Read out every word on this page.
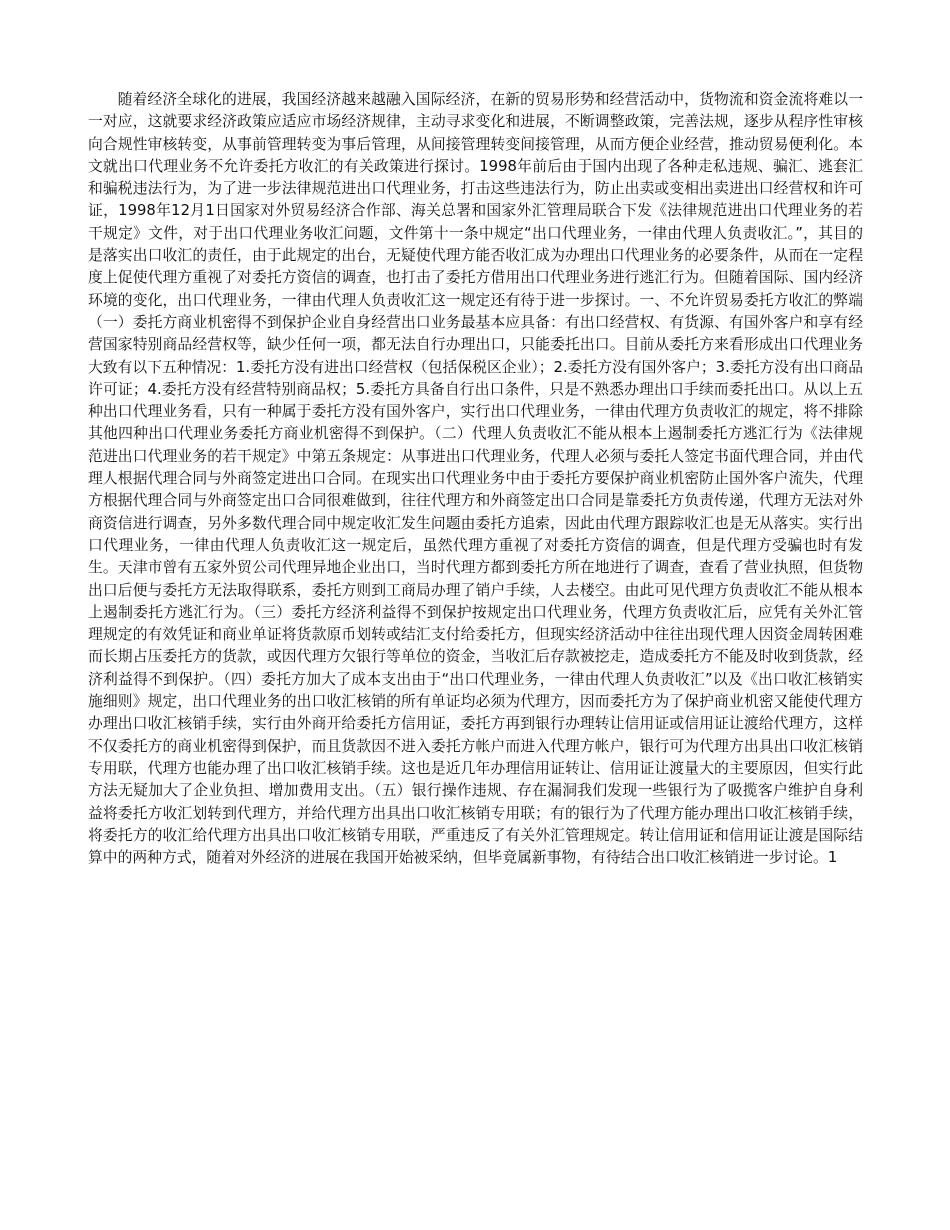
随着经济全球化的进展，我国经济越来越融入国际经济，在新的贸易形势和经营活动中，货物流和资金流将难以一一对应，这就要求经济政策应适应市场经济规律，主动寻求变化和进展，不断调整政策，完善法规，逐步从程序性审核向合规性审核转变，从事前管理转变为事后管理，从间接管理转变间接管理，从而方便企业经营，推动贸易便利化。本文就出口代理业务不允许委托方收汇的有关政策进行探讨。1998年前后由于国内出现了各种走私违规、骗汇、逃套汇和骗税违法行为，为了进一步法律规范进出口代理业务，打击这些违法行为，防止出卖或变相出卖进出口经营权和许可证，1998年12月1日国家对外贸易经济合作部、海关总署和国家外汇管理局联合下发《法律规范进出口代理业务的若干规定》文件，对于出口代理业务收汇问题，文件第十一条中规定“出口代理业务，一律由代理人负责收汇。”，其目的是落实出口收汇的责任，由于此规定的出台，无疑使代理方能否收汇成为办理出口代理业务的必要条件，从而在一定程度上促使代理方重视了对委托方资信的调查，也打击了委托方借用出口代理业务进行逃汇行为。但随着国际、国内经济环境的变化，出口代理业务，一律由代理人负责收汇这一规定还有待于进一步探讨。一、不允许贸易委托方收汇的弊端（一）委托方商业机密得不到保护企业自身经营出口业务最基本应具备：有出口经营权、有货源、有国外客户和享有经营国家特别商品经营权等，缺少任何一项，都无法自行办理出口，只能委托出口。目前从委托方来看形成出口代理业务大致有以下五种情况：1.委托方没有进出口经营权（包括保税区企业）；2.委托方没有国外客户；3.委托方没有出口商品许可证；4.委托方没有经营特别商品权；5.委托方具备自行出口条件，只是不熟悉办理出口手续而委托出口。从以上五种出口代理业务看，只有一种属于委托方没有国外客户，实行出口代理业务，一律由代理方负责收汇的规定，将不排除其他四种出口代理业务委托方商业机密得不到保护。（二）代理人负责收汇不能从根本上遏制委托方逃汇行为《法律规范进出口代理业务的若干规定》中第五条规定：从事进出口代理业务，代理人必须与委托人签定书面代理合同，并由代理人根据代理合同与外商签定进出口合同。在现实出口代理业务中由于委托方要保护商业机密防止国外客户流失，代理方根据代理合同与外商签定出口合同很难做到，往往代理方和外商签定出口合同是靠委托方负责传递，代理方无法对外商资信进行调查，另外多数代理合同中规定收汇发生问题由委托方追索，因此由代理方跟踪收汇也是无从落实。实行出口代理业务，一律由代理人负责收汇这一规定后，虽然代理方重视了对委托方资信的调查，但是代理方受骗也时有发生。天津市曾有五家外贸公司代理异地企业出口，当时代理方都到委托方所在地进行了调查，查看了营业执照，但货物出口后便与委托方无法取得联系，委托方则到工商局办理了销户手续，人去楼空。由此可见代理方负责收汇不能从根本上遏制委托方逃汇行为。（三）委托方经济利益得不到保护按规定出口代理业务，代理方负责收汇后，应凭有关外汇管理规定的有效凭证和商业单证将货款原币划转或结汇支付给委托方，但现实经济活动中往往出现代理人因资金周转困难而长期占压委托方的货款，或因代理方欠银行等单位的资金，当收汇后存款被挖走，造成委托方不能及时收到货款，经济利益得不到保护。（四）委托方加大了成本支出由于“出口代理业务，一律由代理人负责收汇”以及《出口收汇核销实施细则》规定，出口代理业务的出口收汇核销的所有单证均必须为代理方，因而委托方为了保护商业机密又能使代理方办理出口收汇核销手续，实行由外商开给委托方信用证，委托方再到银行办理转让信用证或信用证让渡给代理方，这样不仅委托方的商业机密得到保护，而且货款因不进入委托方帐户而进入代理方帐户，银行可为代理方出具出口收汇核销专用联，代理方也能办理了出口收汇核销手续。这也是近几年办理信用证转让、信用证让渡量大的主要原因，但实行此方法无疑加大了企业负担、增加费用支出。（五）银行操作违规、存在漏洞我们发现一些银行为了吸揽客户维护自身利益将委托方收汇划转到代理方，并给代理方出具出口收汇核销专用联；有的银行为了代理方能办理出口收汇核销手续，将委托方的收汇给代理方出具出口收汇核销专用联，严重违反了有关外汇管理规定。转让信用证和信用证让渡是国际结算中的两种方式，随着对外经济的进展在我国开始被采纳，但毕竟属新事物，有待结合出口收汇核销进一步讨论。1
